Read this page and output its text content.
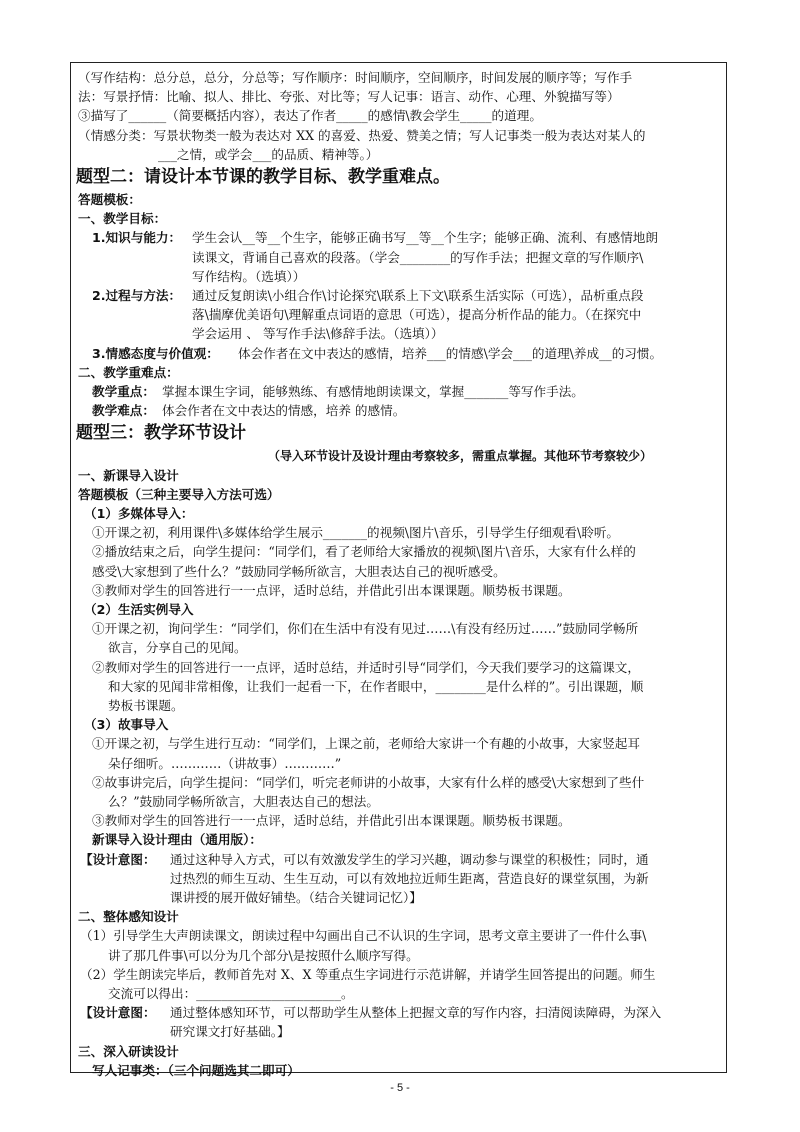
（写作结构：总分总，总分，分总等；写作顺序：时间顺序，空间顺序，时间发展的顺序等；写作手
法：写景抒情：比喻、拟人、排比、夸张、对比等；写人记事：语言、动作、心理、外貌描写等）
③描写了______（简要概括内容），表达了作者_____的感情\教会学生_____的道理。
（情感分类：写景状物类一般为表达对 XX 的喜爱、热爱、赞美之情；写人记事类一般为表达对某人的
___之情，或学会___的品质、精神等。）
题型二：请设计本节课的教学目标、教学重难点。
答题模板：
一、教学目标：
1.知识与能力： 学生会认__等__个生字，能够正确书写__等__个生字；能够正确、流利、有感情地朗
读课文，背诵自己喜欢的段落。（学会________的写作手法；把握文章的写作顺序\
写作结构。（选填））
2.过程与方法： 通过反复朗读\小组合作\讨论探究\联系上下文\联系生活实际（可选），品析重点段
落\揣摩优美语句\理解重点词语的意思（可选），提高分析作品的能力。（在探究中
学会运用 、 等写作手法\修辞手法。（选填））
3.情感态度与价值观： 体会作者在文中表达的感情，培养___的情感\学会___的道理\养成__的习惯。
二、教学重难点：
教学重点： 掌握本课生字词，能够熟练、有感情地朗读课文，掌握_______等写作手法。
教学难点： 体会作者在文中表达的情感，培养 的感情。
题型三：教学环节设计
（导入环节设计及设计理由考察较多，需重点掌握。其他环节考察较少）
一、新课导入设计
答题模板（三种主要导入方法可选）
（1）多媒体导入：
①开课之初，利用课件\多媒体给学生展示_______的视频\图片\音乐，引导学生仔细观看\聆听。
②播放结束之后，向学生提问：“同学们，看了老师给大家播放的视频\图片\音乐，大家有什么样的
感受\大家想到了些什么？”鼓励同学畅所欲言，大胆表达自己的视听感受。
③教师对学生的回答进行一一点评，适时总结，并借此引出本课课题。顺势板书课题。
（2）生活实例导入
①开课之初，询问学生：“同学们，你们在生活中有没有见过……\有没有经历过……”鼓励同学畅所
欲言，分享自己的见闻。
②教师对学生的回答进行一一点评，适时总结，并适时引导“同学们，今天我们要学习的这篇课文，
和大家的见闻非常相像，让我们一起看一下，在作者眼中，________是什么样的”。引出课题，顺
势板书课题。
（3）故事导入
①开课之初，与学生进行互动：“同学们，上课之前，老师给大家讲一个有趣的小故事，大家竖起耳
朵仔细听。…………（讲故事）…………”
②故事讲完后，向学生提问：“同学们，听完老师讲的小故事，大家有什么样的感受\大家想到了些什
么？”鼓励同学畅所欲言，大胆表达自己的想法。
③教师对学生的回答进行一一点评，适时总结，并借此引出本课课题。顺势板书课题。
新课导入设计理由（通用版）：
【设计意图： 通过这种导入方式，可以有效激发学生的学习兴趣，调动参与课堂的积极性；同时，通
过热烈的师生互动、生生互动，可以有效地拉近师生距离，营造良好的课堂氛围，为新
课讲授的展开做好铺垫。（结合关键词记忆）】
二、整体感知设计
（1）引导学生大声朗读课文，朗读过程中勾画出自己不认识的生字词，思考文章主要讲了一件什么事\
讲了那几件事\可以分为几个部分\是按照什么顺序写得。
（2）学生朗读完毕后，教师首先对 X、X 等重点生字词进行示范讲解，并请学生回答提出的问题。师生
交流可以得出：_______________________。
【设计意图： 通过整体感知环节，可以帮助学生从整体上把握文章的写作内容，扫清阅读障碍，为深入
研究课文打好基础。】
- 5 -
三、深入研读设计
写人记事类：（三个问题选其二即可）
